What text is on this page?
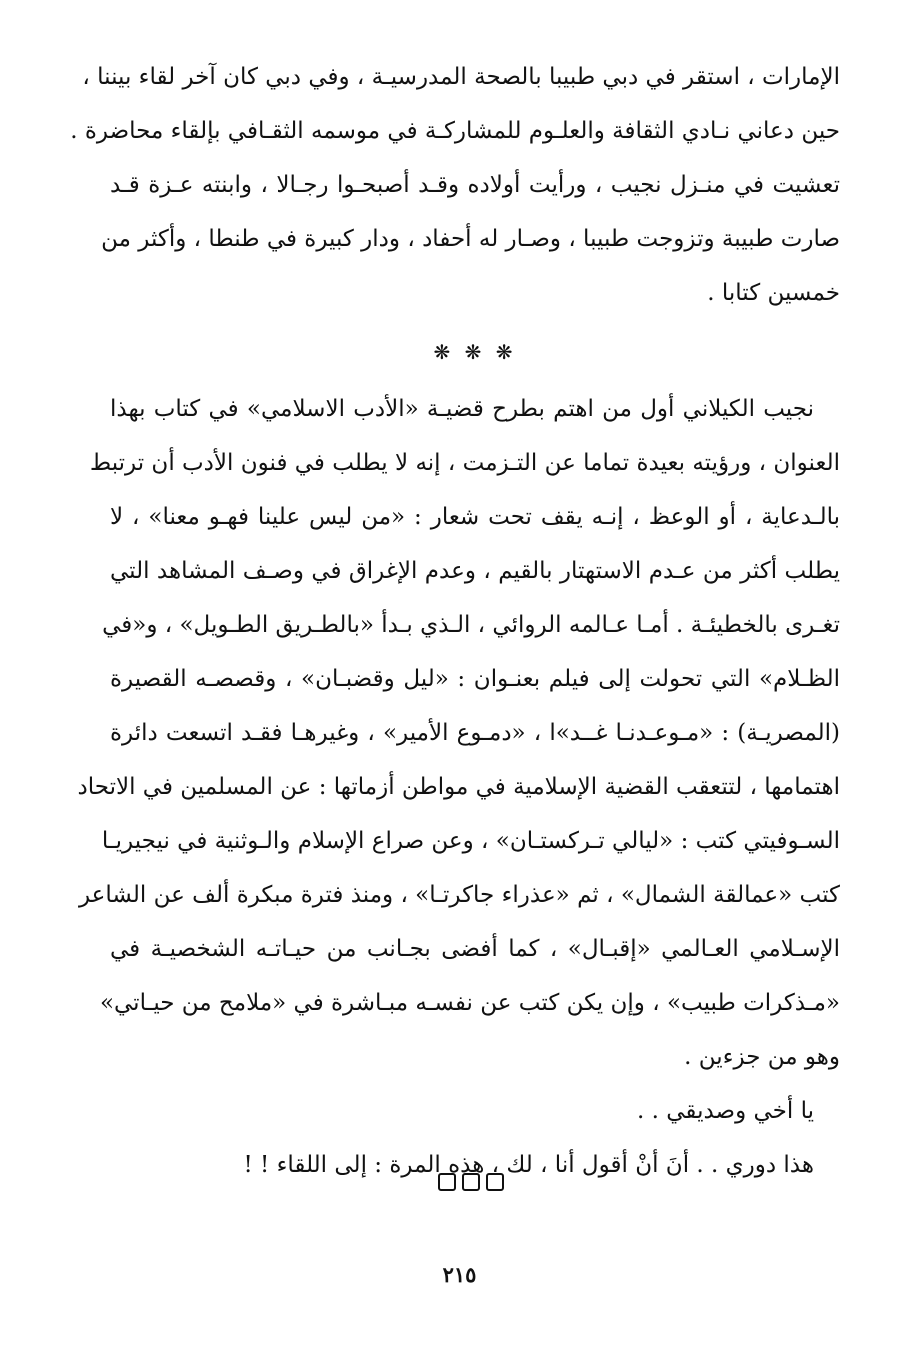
الإمارات ، استقر في دبي طبيبا بالصحة المدرسيـة ، وفي دبي كان آخر لقاء بيننا ،
حين دعاني نـادي الثقافة والعلـوم للمشاركـة في موسمه الثقـافي بإلقاء محاضرة .
تعشيت في منـزل نجيب ، ورأيت أولاده وقـد أصبحـوا رجـالا ، وابنته عـزة قـد
صارت طبيبة وتزوجت طبيبا ، وصـار له أحفاد ، ودار كبيرة في طنطا ، وأكثر من
خمسين كتابا .
❋ ❋ ❋
نجيب الكيلاني أول من اهتم بطرح قضيـة «الأدب الاسلامي» في كتاب بهذا
العنوان ، ورؤيته بعيدة تماما عن التـزمت ، إنه لا يطلب في فنون الأدب أن ترتبط
بالـدعاية ، أو الوعظ ، إنـه يقف تحت شعار : «من ليس علينا فهـو معنا» ، لا
يطلب أكثر من عـدم الاستهتار بالقيم ، وعدم الإغراق في وصـف المشاهد التي
تغـرى بالخطيئـة . أمـا عـالمه الروائي ، الـذي بـدأ «بالطـريق الطـويل» ، و«في
الظـلام» التي تحولت إلى فيلم بعنـوان : «ليل وقضبـان» ، وقصصـه القصيرة
(المصريـة) : «مـوعـدنـا غــد»ا ، «دمـوع الأمير» ، وغيرهـا فقـد اتسعت دائرة
اهتمامها ، لتتعقب القضية الإسلامية في مواطن أزماتها : عن المسلمين في الاتحاد
السـوفيتي كتب : «ليالي تـركستـان» ، وعن صراع الإسلام والـوثنية في نيجيريـا
كتب «عمالقة الشمال» ، ثم «عذراء جاكرتـا» ، ومنذ فترة مبكرة ألف عن الشاعر
الإسـلامي العـالمي «إقبـال» ، كما أفضى بجـانب من حيـاتـه الشخصيـة في
«مـذكرات طبيب» ، وإن يكن كتب عن نفسـه مبـاشرة في «ملامح من حيـاتي»
وهو من جزءين .
يا أخي وصديقي . .
هذا دوري . . أنَ أنْ أقول أنا ، لك ، هذه المرة : إلى اللقاء ! !
٢١٥
